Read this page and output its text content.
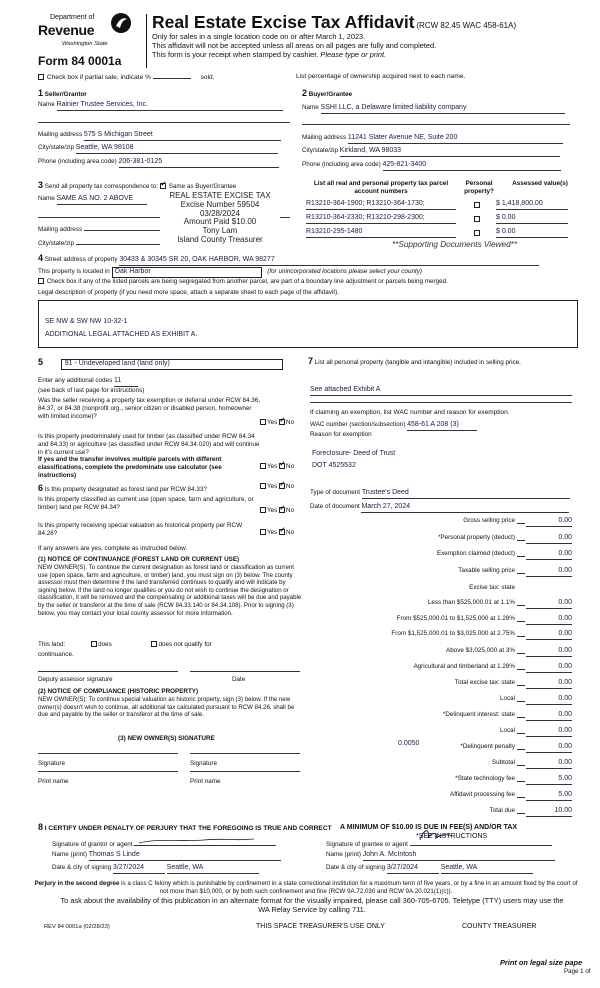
Department of
Revenue
Washington State
Form 84 0001a
Real Estate Excise Tax Affidavit (RCW 82.45 WAC 458-61A)
Only for sales in a single location code on or after March 1, 2023.
This affidavit will not be accepted unless all areas on all pages are fully and completed.
This form is your receipt when stamped by cashier. Please type or print.
Check box if partial sale, indicate %	sold.	List percentage of ownership acquired next to each name.
1 Seller/Grantor
Name Rainier Trustee Services, Inc.
Mailing address 575 S Michigan Street
City/state/zip Seattle, WA 98108
Phone (including area code) 206-381-0125
2 Buyer/Grantee
Name SSHI LLC, a Delaware limited liability company
Mailing address 11241 Slater Avenue NE, Suite 200
City/state/zip Kirkland, WA 98033
Phone (including area code) 425-821-3400
3 Send all property tax correspondence to: ✓ Same as Buyer/Grantee
Name SAME AS NO. 2 ABOVE
Mailing address
City/state/zip
REAL ESTATE EXCISE TAX
Excise Number 59504
03/28/2024
Amount Paid $10.00
Tony Lam
Island County Treasurer
List all real and personal property tax parcel account numbers
Personal property?
Assessed value(s)
R13210-364-1900; R13210-364-1730;	$ 1,418,800.00
R13210-364-2330; R13210-298-2300;	$ 0.00
R13210-295-1480	$ 0.00
**Supporting Documents Viewed**
4 Street address of property 30433 & 30345 SR 20, OAK HARBOR, WA 98277
This property is located in Oak Harbor	(for unincorporated locations please select your county)
Check box if any of the listed parcels are being segregated from another parcel, are part of a boundary line adjustment or parcels being merged.
Legal description of property (if you need more space, attach a separate sheet to each page of the affidavit).
SE NW & SW NW 10-32-1
ADDITIONAL LEGAL ATTACHED AS EXHIBIT A.
5	91 - Undeveloped land (land only)
Enter any additional codes 11
(see back of last page for instructions)
Was the seller receiving a property tax exemption or deferral under RCW 84.36, 84.37, or 84.38 (nonprofit org., senior citizen or disabled person, homeowner with limited income)?
Yes ✓ No
Is this property predominately used for timber (as classified under RCW 84.34 and 84.33) or agriculture (as classified under RCW 84.34.020) and will continue in it's current use?
If yes and the transfer involves multiple parcels with different classifications, complete the predominate use calculator (see instructions)
Yes ✓ No
6 Is this property designated as forest land per RCW 84.33?	Yes ✓ No
Is this property classified as current use (open space, farm and agriculture, or timber) land per RCW 84.34?	Yes ✓ No
Is this property receiving special valuation as historical property per RCW 84.26?	Yes ✓ No
If any answers are yes, complete as instructed below.
(1) NOTICE OF CONTINUANCE (FOREST LAND OR CURRENT USE)
NEW OWNER(S): To continue the current designation as forest land or classification as current use (open space, farm and agriculture, or timber) land, you must sign on (3) below. The county assessor must then determine if the land transferred continues to qualify and will indicate by signing below. If the land no longer qualifies or you do not wish to continue the designation or classification, it will be removed and the compensating or additional taxes will be due and payable by the seller or transferor at the time of sale (RCW 84.33.140 or 84.34.108). Prior to signing (3) below, you may contact your local county assessor for more information.
This land:	does	does not qualify for
continuance.
Deputy assessor signature	Date
(2) NOTICE OF COMPLIANCE (HISTORIC PROPERTY)
NEW OWNER(S): To continue special valuation as historic property, sign (3) below. If the new owner(s) doesn't wish to continue, all additional tax calculated pursuant to RCW 84.26, shall be due and payable by the seller or transferor at the time of sale.
(3) NEW OWNER(S) SIGNATURE
Signature	Signature
Print name	Print name
7 List all personal property (tangible and intangible) included in selling price.
See attached Exhibit A
If claiming an exemption, list WAC number and reason for exemption.
WAC number (section/subsection) 458-61 A 208 (3)
Reason for exemption
Foreclosure- Deed of Trust
DOT 4525532
Type of document Trustee's Deed
Date of document March 27, 2024
Gross selling price	0.00
*Personal property (deduct)	0.00
Exemption claimed (deduct)	0.00
Taxable selling price	0.00
Excise tax: state
Less than $525,000.01 at 1.1%	0.00
From $525,000.01 to $1,525,000 at 1.28%	0.00
From $1,525,000.01 to $3,025,000 at 2.75%	0.00
Above $3,025,000 at 3%	0.00
Agricultural and timberland at 1.28%	0.00
Total excise tax: state	0.00
Local	0.00
*Delinquent interest: state	0.00
Local	0.00
*Delinquent penalty	0.00
Subtotal	0.00
*State technology fee	5.00
Affidavit processing fee	5.00
Total due	10.00
0.0050
A MINIMUM OF $10.00 IS DUE IN FEE(S) AND/OR TAX
*SEE INSTRUCTIONS
8 I CERTIFY UNDER PENALTY OF PERJURY THAT THE FOREGOING IS TRUE AND CORRECT
Signature of grantor or agent
Name (print) Thomas S Linde
Date & city of signing 3/27/2024	Seattle, WA
Signature of grantee or agent
Name (print) John A. McIntosh
Date & city of signing 3/27/2024	Seattle, WA
Perjury in the second degree is a class C felony which is punishable by confinement in a state correctional institution for a maximum term of five years, or by a fine in an amount fixed by the court of not more than $10,000, or by both such confinement and fine (RCW 9A.72.030 and RCW 9A.20.021(1)(c)).
To ask about the availability of this publication in an alternate format for the visually impaired, please call 360-705-6705. Teletype (TTY) users may use the WA Relay Service by calling 711.
REV 84 0001a (02/28/23)	THIS SPACE TREASURER'S USE ONLY	COUNTY TREASURER
Print on legal size pape
Page 1 of
